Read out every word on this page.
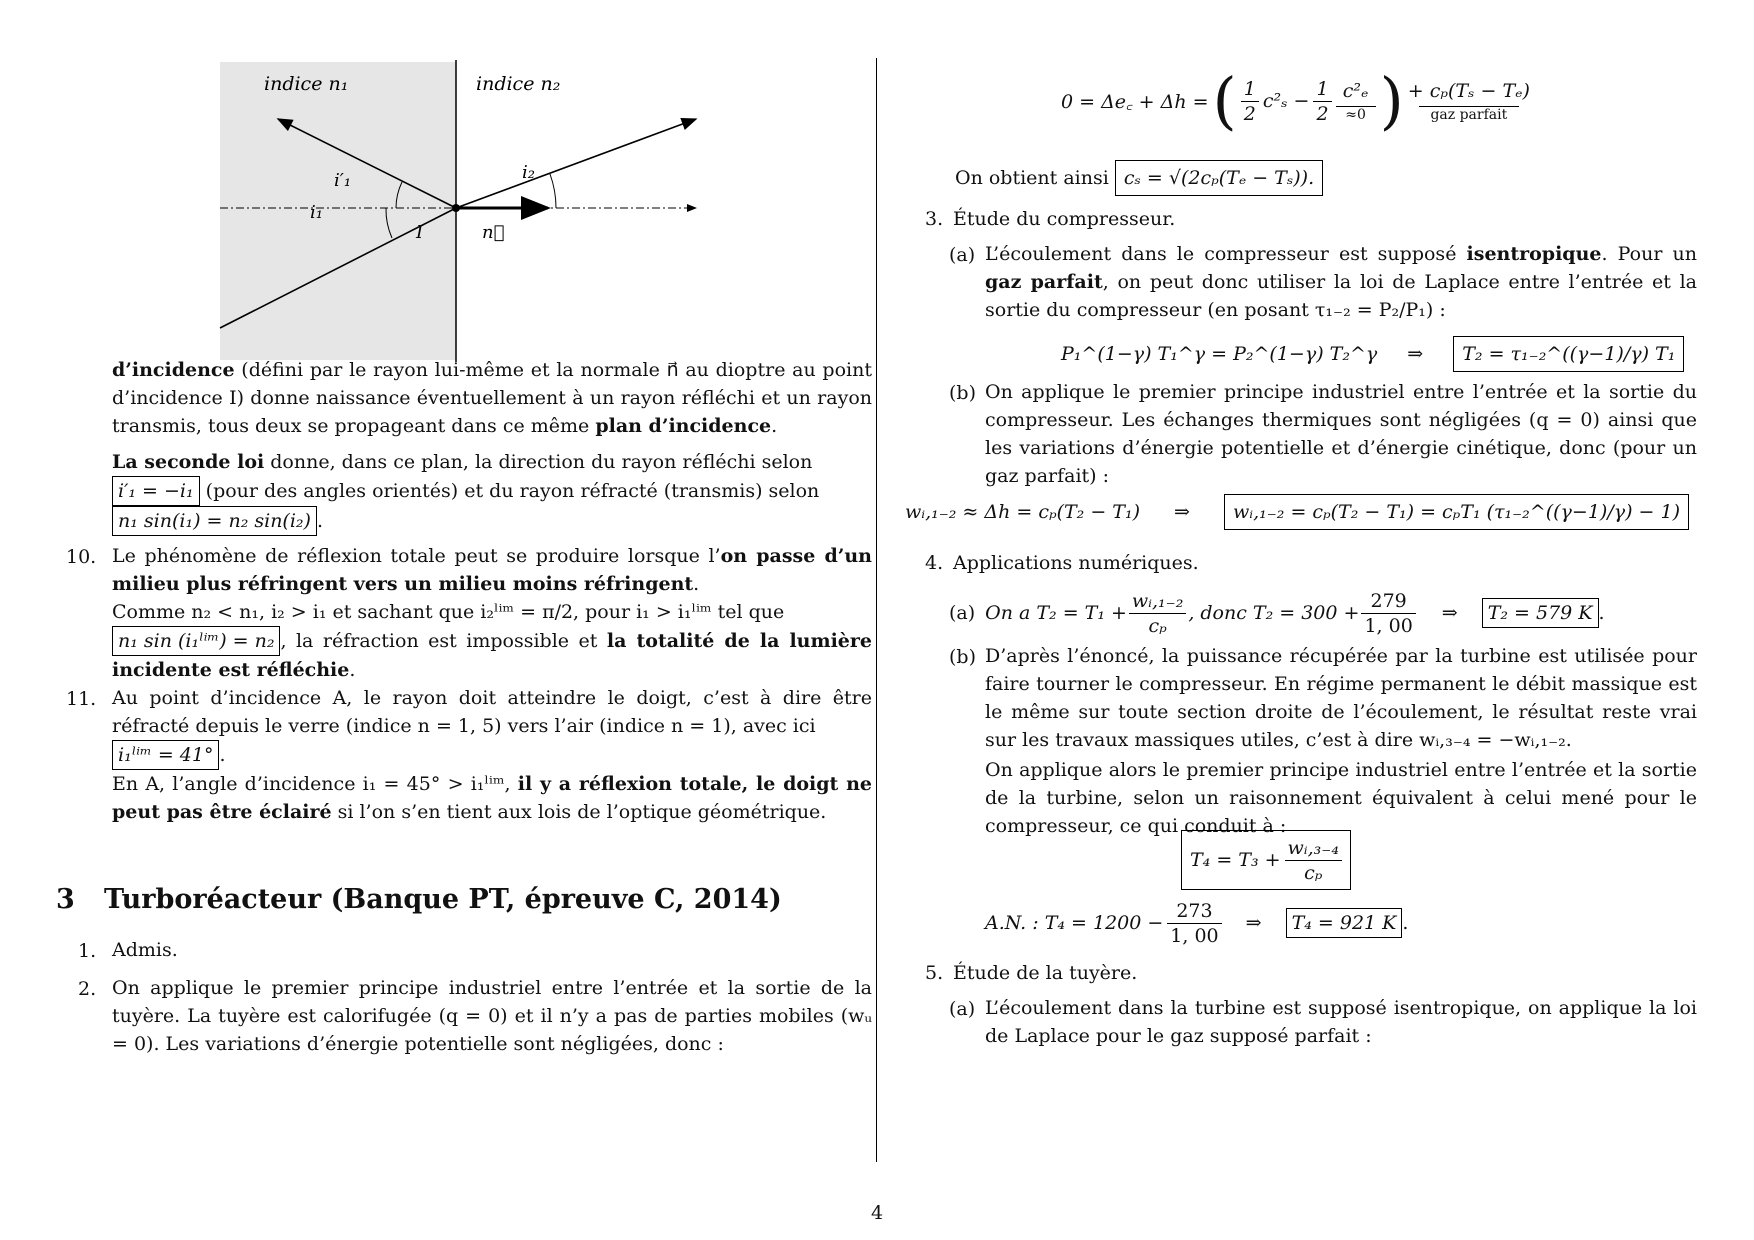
indice n₁	indice n₂
i′₁
i₁
i₂
I	n⃗

d’incidence (défini par le rayon lui-même et la normale n⃗ au dioptre au point d’incidence I) donne naissance éventuellement à un rayon réfléchi et un rayon transmis, tous deux se propageant dans ce même plan d’incidence.

La seconde loi donne, dans ce plan, la direction du rayon réfléchi selon
i′₁ = −i₁ (pour des angles orientés) et du rayon réfracté (transmis) selon
n₁ sin(i₁) = n₂ sin(i₂) .

10. Le phénomène de réflexion totale peut se produire lorsque l’on passe d’un milieu plus réfringent vers un milieu moins réfringent.
Comme n₂ < n₁, i₂ > i₁ et sachant que i₂ˡⁱᵐ = π/2, pour i₁ > i₁ˡⁱᵐ tel que
n₁ sin (i₁ˡⁱᵐ) = n₂ , la réfraction est impossible et la totalité de la lumière incidente est réfléchie.

11. Au point d’incidence A, le rayon doit atteindre le doigt, c’est à dire être réfracté depuis le verre (indice n = 1, 5) vers l’air (indice n = 1), avec ici
i₁ˡⁱᵐ = 41° .
En A, l’angle d’incidence i₁ = 45° > i₁ˡⁱᵐ, il y a réflexion totale, le doigt ne peut pas être éclairé si l’on s’en tient aux lois de l’optique géométrique.

3 Turboréacteur (Banque PT, épreuve C, 2014)
1. Admis.

2. On applique le premier principe industriel entre l’entrée et la sortie de la tuyère. La tuyère est calorifugée (q = 0) et il n’y a pas de parties mobiles (wᵤ = 0). Les variations d’énergie potentielle sont négligées, donc :

0 = Δe꜀ + Δh = ( $\frac{1}{2} c^2_s - \frac{1}{2} c^2_e$
≈0 ) + cₚ(Tₛ − Tₑ)
gaz parfait
On obtient ainsi cₛ = √(2cₚ(Tₑ − Tₛ)).
3. Étude du compresseur.
(a) L’écoulement dans le compresseur est supposé isentropique. Pour un gaz parfait, on peut donc utiliser la loi de Laplace entre l’entrée et la sortie du compresseur (en posant τ₁₋₂ = P₂/P₁) :

P₁^(1−γ) T₁^γ = P₂^(1−γ) T₂^γ ⇒ T₂ = τ₁₋₂^((γ−1)/γ) T₁
(b) On applique le premier principe industriel entre l’entrée et la sortie du compresseur. Les échanges thermiques sont négligées (q = 0) ainsi que les variations d’énergie potentielle et d’énergie cinétique, donc (pour un gaz parfait) :

wᵢ,₁₋₂ ≈ Δh = cₚ(T₂ − T₁) ⇒ wᵢ,₁₋₂ = cₚ(T₂ − T₁) = cₚT₁ (τ₁₋₂^((γ−1)/γ) − 1)
4. Applications numériques.
(a) On a $T_2 = T_1 + \frac{\text{wᵢ,₁₋₂}}{\text{cₚ}}$ , donc $T_2 = 300 + \frac{279}{1, 00}$ ⇒	T₂ = 579 K .
(b) D’après l’énoncé, la puissance récupérée par la turbine est utilisée pour faire tourner le compresseur. En régime permanent le débit massique est le même sur toute section droite de l’écoulement, le résultat reste vrai sur les travaux massiques utiles, c’est à dire wᵢ,₃₋₄ = −wᵢ,₁₋₂.

On applique alors le premier principe industriel entre l’entrée et la sortie de la turbine, selon un raisonnement équivalent à celui mené pour le compresseur, ce qui conduit à :

$T_4 = T_3 + \frac{\text{wᵢ,₃₋₄}}{\text{cₚ}}$
A.N. : $T_4 = 1200 - \frac{273}{1, 00}$ ⇒	T₄ = 921 K .
5. Étude de la tuyère.
(a) L’écoulement dans la turbine est supposé isentropique, on applique la loi de Laplace pour le gaz supposé parfait :

4
